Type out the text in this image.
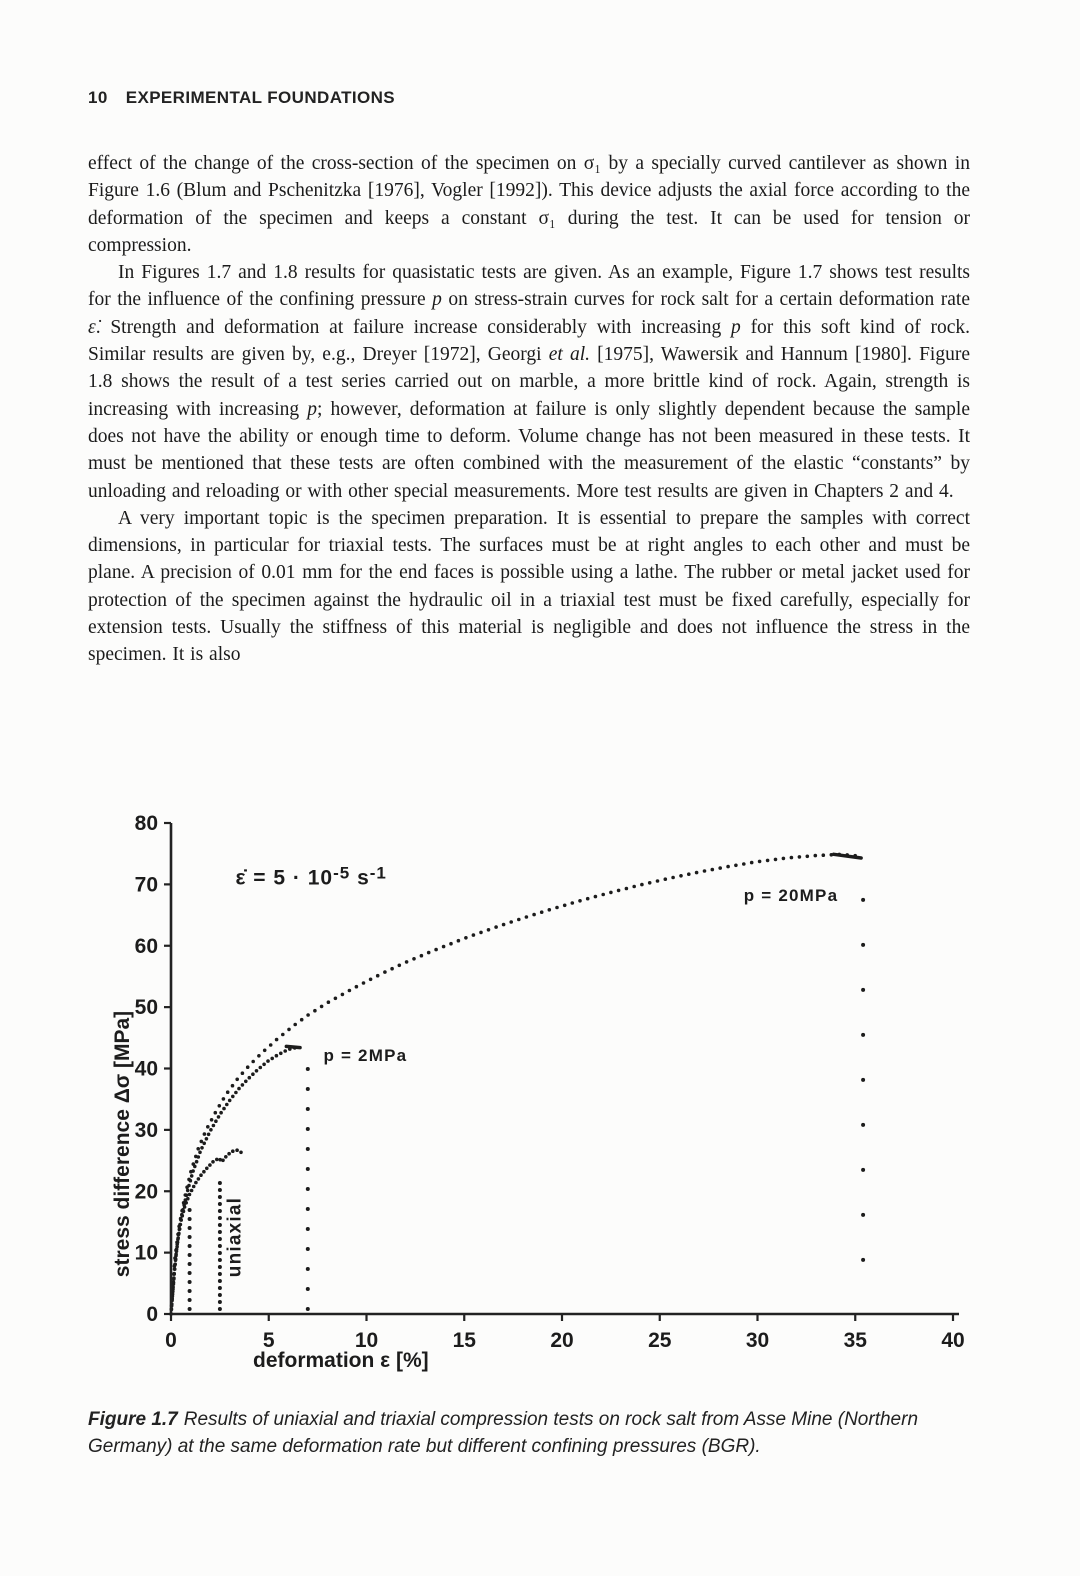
10 EXPERIMENTAL FOUNDATIONS

effect of the change of the cross-section of the specimen on σ₁ by a specially curved cantilever as shown in Figure 1.6 (Blum and Pschenitzka [1976], Vogler [1992]). This device adjusts the axial force according to the deformation of the specimen and keeps a constant σ₁ during the test. It can be used for tension or compression.

In Figures 1.7 and 1.8 results for quasistatic tests are given. As an example, Figure 1.7 shows test results for the influence of the confining pressure p on stress-strain curves for rock salt for a certain deformation rate ε̇. Strength and deformation at failure increase considerably with increasing p for this soft kind of rock. Similar results are given by, e.g., Dreyer [1972], Georgi et al. [1975], Wawersik and Hannum [1980]. Figure 1.8 shows the result of a test series carried out on marble, a more brittle kind of rock. Again, strength is increasing with increasing p; however, deformation at failure is only slightly dependent because the sample does not have the ability or enough time to deform. Volume change has not been measured in these tests. It must be mentioned that these tests are often combined with the measurement of the elastic “constants” by unloading and reloading or with other special measurements. More test results are given in Chapters 2 and 4.

A very important topic is the specimen preparation. It is essential to prepare the samples with correct dimensions, in particular for triaxial tests. The surfaces must be at right angles to each other and must be plane. A precision of 0.01 mm for the end faces is possible using a lathe. The rubber or metal jacket used for protection of the specimen against the hydraulic oil in a triaxial test must be fixed carefully, especially for extension tests. Usually the stiffness of this material is negligible and does not influence the stress in the specimen. It is also

uniaxial
p = 2MPa
p = 20MPa
0
10
20
30
40
50
60
70
80
0	5	10	15	20	25	30	35	40
deformation ε [%]
stress difference Δσ [MPa]
ε̇ = $5 \cdot 10^{-5}$ $s^{-1}$
Figure 1.7 Results of uniaxial and triaxial compression tests on rock salt from Asse Mine (Northern Germany) at the same deformation rate but different confining pressures (BGR).
